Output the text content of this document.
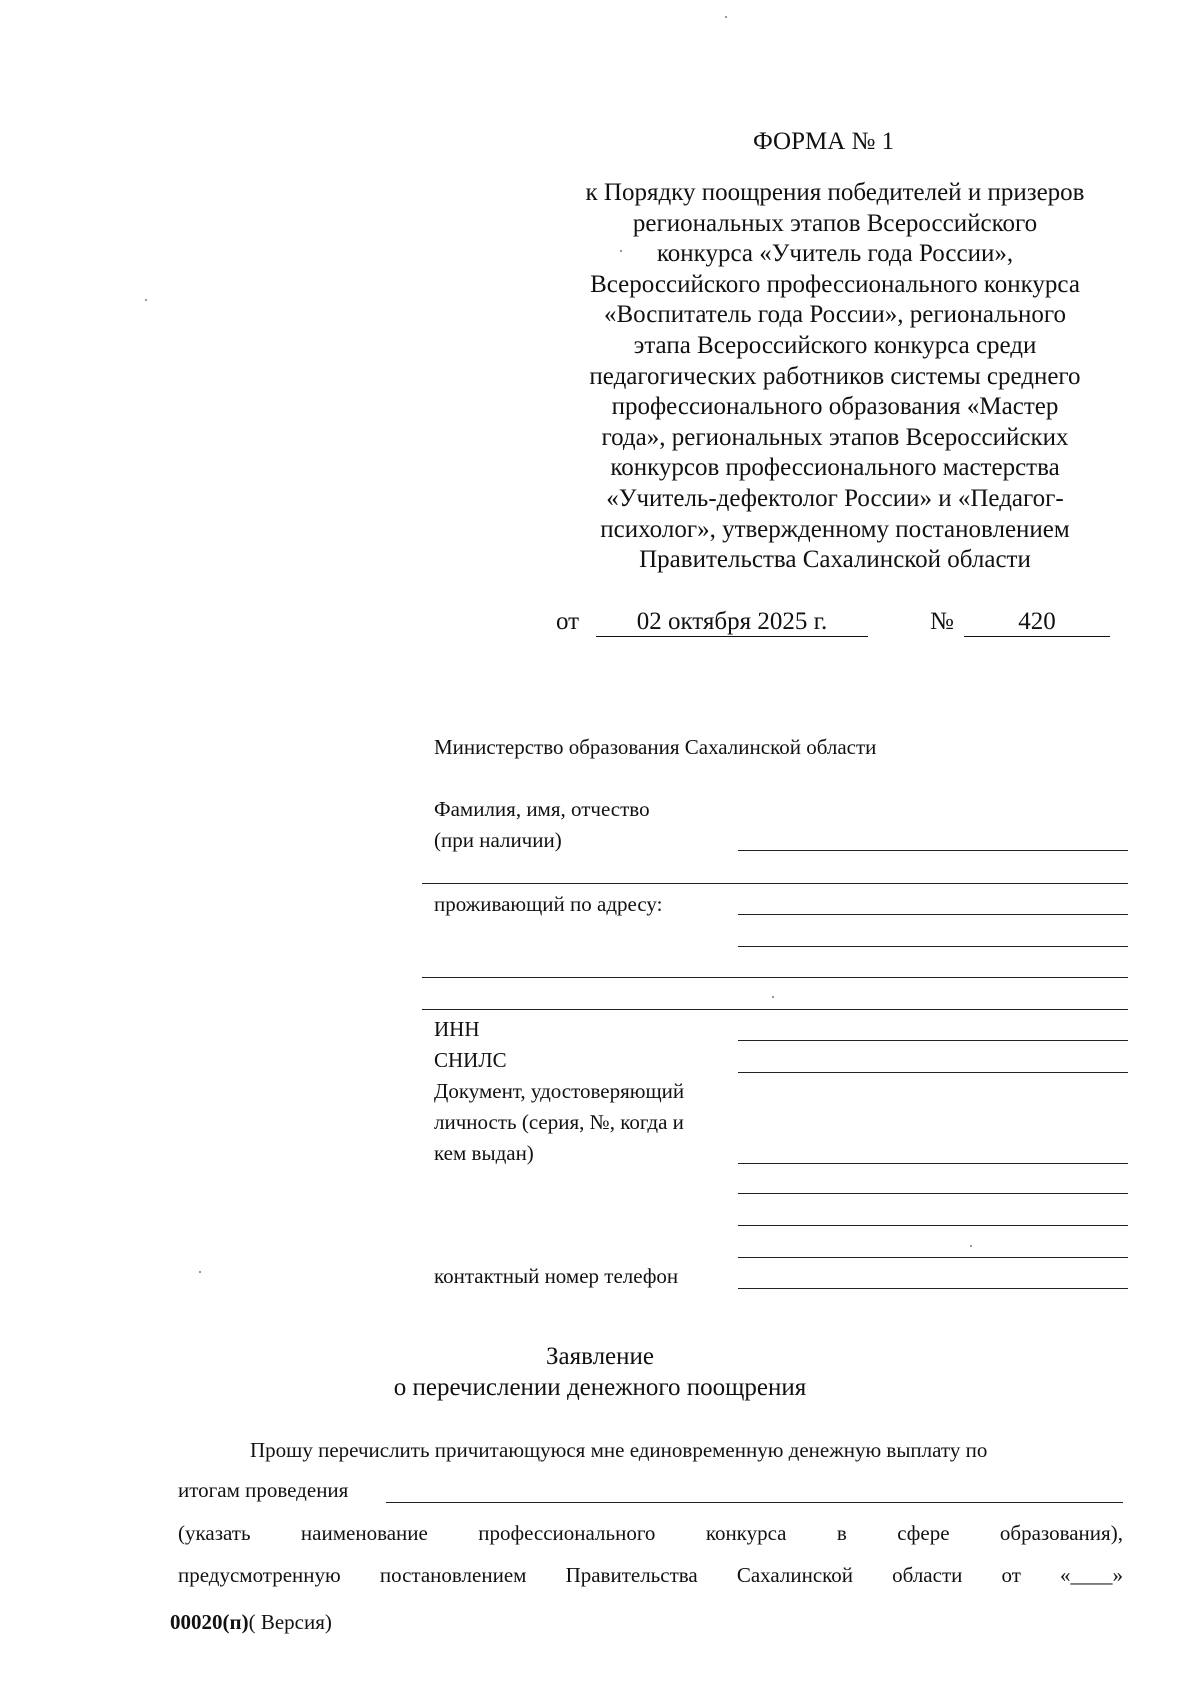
ФОРМА № 1
к Порядку поощрения победителей и призеров
региональных этапов Всероссийского
конкурса «Учитель года России»,
Всероссийского профессионального конкурса
«Воспитатель года России», регионального
этапа Всероссийского конкурса среди
педагогических работников системы среднего
профессионального образования «Мастер
года», региональных этапов Всероссийских
конкурсов профессионального мастерства
«Учитель-дефектолог России» и «Педагог-
психолог», утвержденному постановлением
Правительства Сахалинской области
от	02 октября 2025 г.	№	420
Министерство образования Сахалинской области
Фамилия, имя, отчество
(при наличии)
проживающий по адресу:
ИНН
СНИЛС
Документ, удостоверяющий
личность (серия, №, когда и
кем выдан)
контактный номер телефон
Заявление
о перечислении денежного поощрения
Прошу перечислить причитающуюся мне единовременную денежную выплату по
итогам проведения
(указать наименование профессионального конкурса в сфере образования),
предусмотренную постановлением Правительства Сахалинской области от «____»
00020(п)( Версия)
